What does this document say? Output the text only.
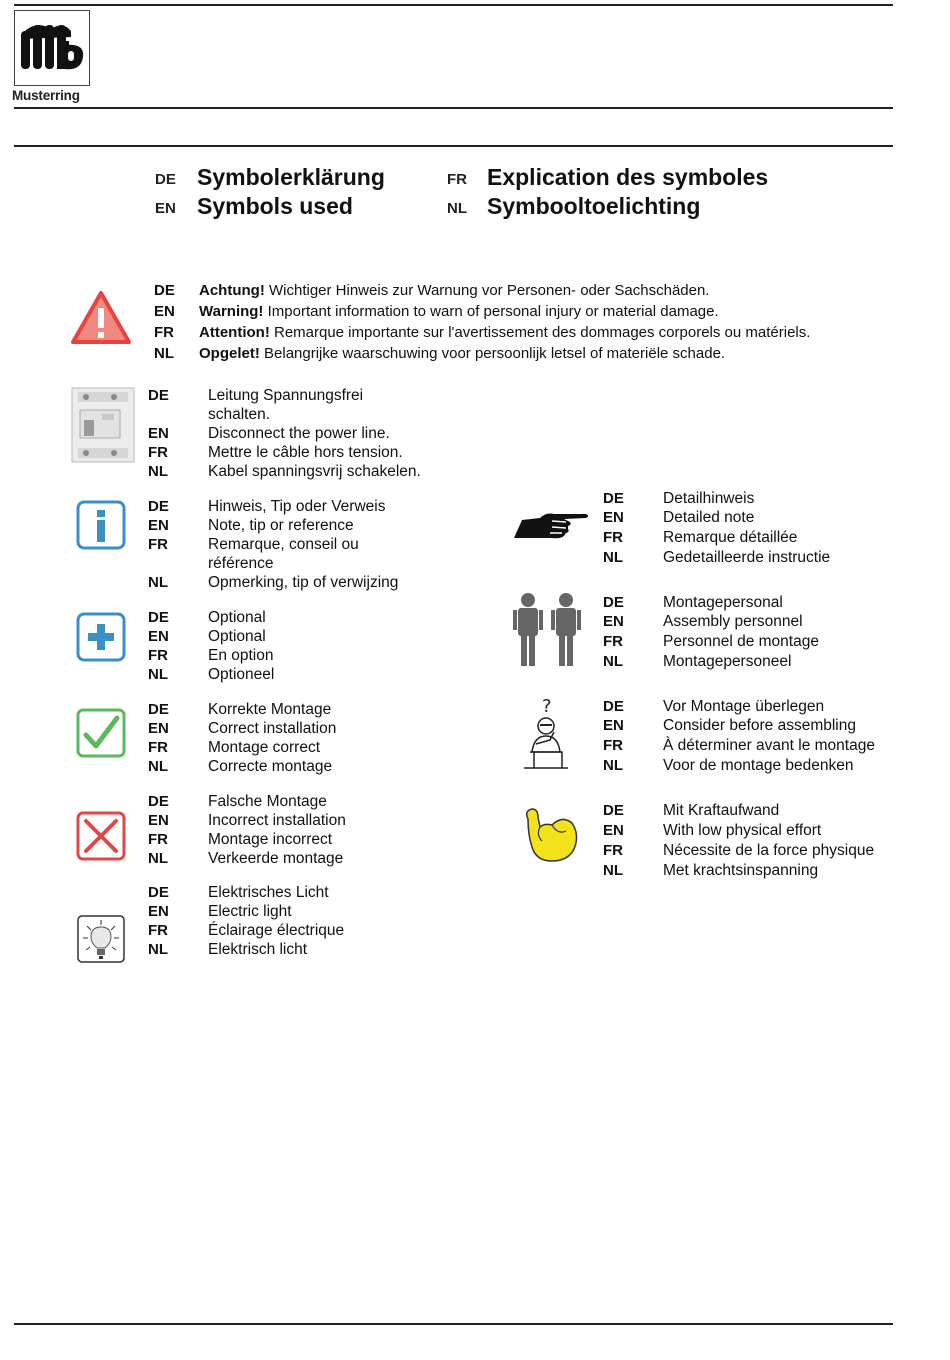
Musterring
DE Symbolerklärung
EN Symbols used
FR Explication des symboles
NL Symbooltoelichting
DE Achtung! Wichtiger Hinweis zur Warnung vor Personen- oder Sachschäden.
EN Warning! Important information to warn of personal injury or material damage.
FR Attention! Remarque importante sur l'avertissement des dommages corporels ou matériels.
NL Opgelet! Belangrijke waarschuwing voor persoonlijk letsel of materiële schade.
DE	Leitung Spannungsfrei
schalten.
EN	Disconnect the power line.
FR	Mettre le câble hors tension.
NL	Kabel spanningsvrij schakelen.
DE	Hinweis, Tip oder Verweis
EN	Note, tip or reference
FR	Remarque, conseil ou
référence
NL	Opmerking, tip of verwijzing
DE	Optional
EN	Optional
FR	En option
NL	Optioneel
DE	Korrekte Montage
EN	Correct installation
FR	Montage correct
NL	Correcte montage
DE	Falsche Montage
EN	Incorrect installation
FR	Montage incorrect
NL	Verkeerde montage
DE	Elektrisches Licht
EN	Electric light
FR	Éclairage électrique
NL	Elektrisch licht
DE	Detailhinweis
EN	Detailed note
FR	Remarque détaillée
NL	Gedetailleerde instructie
DE	Montagepersonal
EN	Assembly personnel
FR	Personnel de montage
NL	Montagepersoneel
?	DE	Vor Montage überlegen
EN	Consider before assembling
FR	À déterminer avant le montage
NL	Voor de montage bedenken
DE	Mit Kraftaufwand
EN	With low physical effort
FR	Nécessite de la force physique
NL	Met krachtsinspanning
